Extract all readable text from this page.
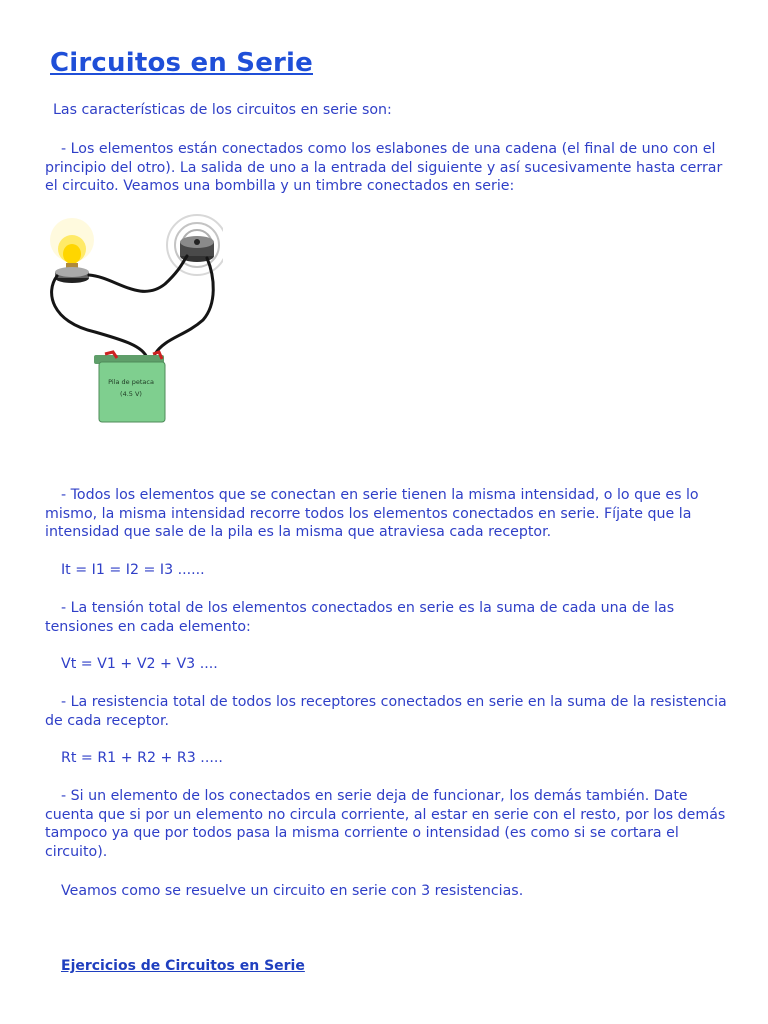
Circuitos en Serie

Las características de los circuitos en serie son:

- Los elementos están conectados como los eslabones de una cadena (el final de uno con el principio del otro). La salida de uno a la entrada del siguiente y así sucesivamente hasta cerrar el circuito. Veamos una bombilla y un timbre conectados en serie:

Pila de petaca
(4.5 V)

- Todos los elementos que se conectan en serie tienen la misma intensidad, o lo que es lo mismo, la misma intensidad recorre todos los elementos conectados en serie. Fíjate que la intensidad que sale de la pila es la misma que atraviesa cada receptor.

It = I1 = I2 = I3 ......

- La tensión total de los elementos conectados en serie es la suma de cada una de las tensiones en cada elemento:

Vt = V1 + V2 + V3 ....

- La resistencia total de todos los receptores conectados en serie en la suma de la resistencia de cada receptor.

Rt = R1 + R2 + R3 .....

- Si un elemento de los conectados en serie deja de funcionar, los demás también. Date cuenta que si por un elemento no circula corriente, al estar en serie con el resto, por los demás tampoco ya que por todos pasa la misma corriente o intensidad (es como si se cortara el circuito).

Veamos como se resuelve un circuito en serie con 3 resistencias.

Ejercicios de Circuitos en Serie
